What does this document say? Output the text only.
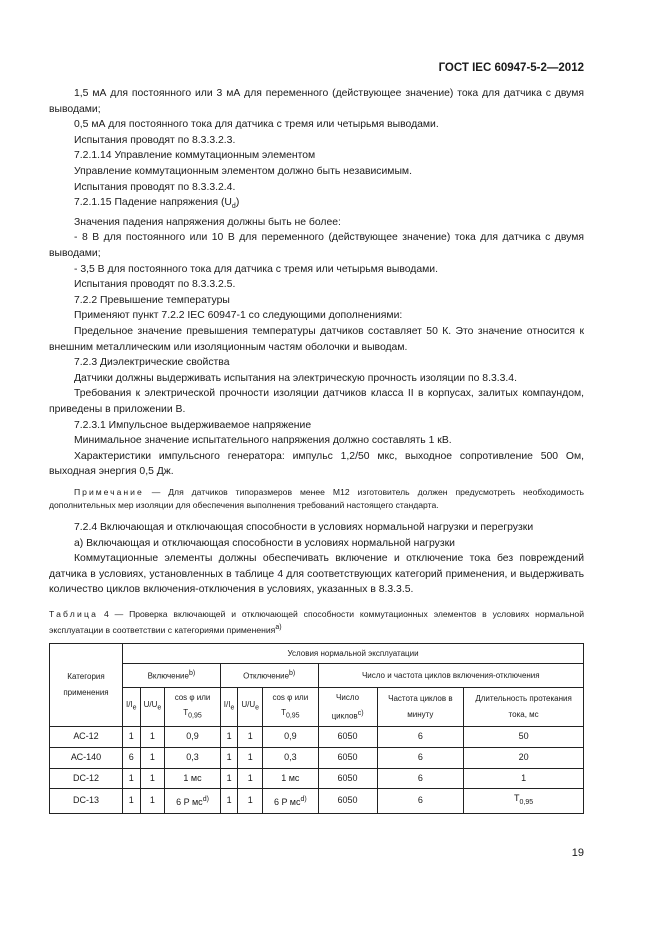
ГОСТ IEC 60947-5-2—2012

1,5 мА для постоянного или 3 мА для переменного (действующее значение) тока для датчика с двумя выводами;

0,5 мА для постоянного тока для датчика с тремя или четырьмя выводами.

Испытания проводят по 8.3.3.2.3.

7.2.1.14 Управление коммутационным элементом

Управление коммутационным элементом должно быть независимым.

Испытания проводят по 8.3.3.2.4.

7.2.1.15 Падение напряжения $(U_d)$

Значения падения напряжения должны быть не более:

- 8 В для постоянного или 10 В для переменного (действующее значение) тока для датчика с двумя выводами;

- 3,5 В для постоянного тока для датчика с тремя или четырьмя выводами.

Испытания проводят по 8.3.3.2.5.

7.2.2 Превышение температуры

Применяют пункт 7.2.2 IEC 60947-1 со следующими дополнениями:

Предельное значение превышения температуры датчиков составляет 50 К. Это значение относится к внешним металлическим или изоляционным частям оболочки и выводам.

7.2.3 Диэлектрические свойства

Датчики должны выдерживать испытания на электрическую прочность изоляции по 8.3.3.4.

Требования к электрической прочности изоляции датчиков класса II в корпусах, залитых компаундом, приведены в приложении В.

7.2.3.1 Импульсное выдерживаемое напряжение

Минимальное значение испытательного напряжения должно составлять 1 кВ.

Характеристики импульсного генератора: импульс 1,2/50 мкс, выходное сопротивление 500 Ом, выходная энергия 0,5 Дж.

Примечание — Для датчиков типоразмеров менее М12 изготовитель должен предусмотреть необходимость дополнительных мер изоляции для обеспечения выполнения требований настоящего стандарта.

7.2.4 Включающая и отключающая способности в условиях нормальной нагрузки и перегрузки

а) Включающая и отключающая способности в условиях нормальной нагрузки

Коммутационные элементы должны обеспечивать включение и отключение тока без повреждений датчика в условиях, установленных в таблице 4 для соответствующих категорий применения, и выдерживать количество циклов включения-отключения в условиях, указанных в 8.3.3.5.

Таблица 4 — Проверка включающей и отключающей способности коммутационных элементов в условиях нормальной эксплуатации в соответствии с категориями применения$^{a)}$

Категория применения	Условия нормальной эксплуатации								
	Включение$^{b)}$			Отключение$^{b)}$			Число и частота циклов включения-отключения		
	$I/I_e$	$U/U_e$	cos φ или $T_{0,95}$	$I/I_e$	$U/U_e$	cos φ или $T_{0,95}$	Число циклов$^{c)}$	Частота циклов в минуту	Длительность протекания тока, мс
АС-12	1	1	0,9	1	1	0,9	6050	6	50
АС-140	6	1	0,3	1	1	0,3	6050	6	20
DC-12	1	1	1 мс	1	1	1 мс	6050	6	1
DC-13	1	1	6 P $мс^{d)}$	1	1	6 P $мс^{d)}$	6050	6	$T_{0,95}$
19
